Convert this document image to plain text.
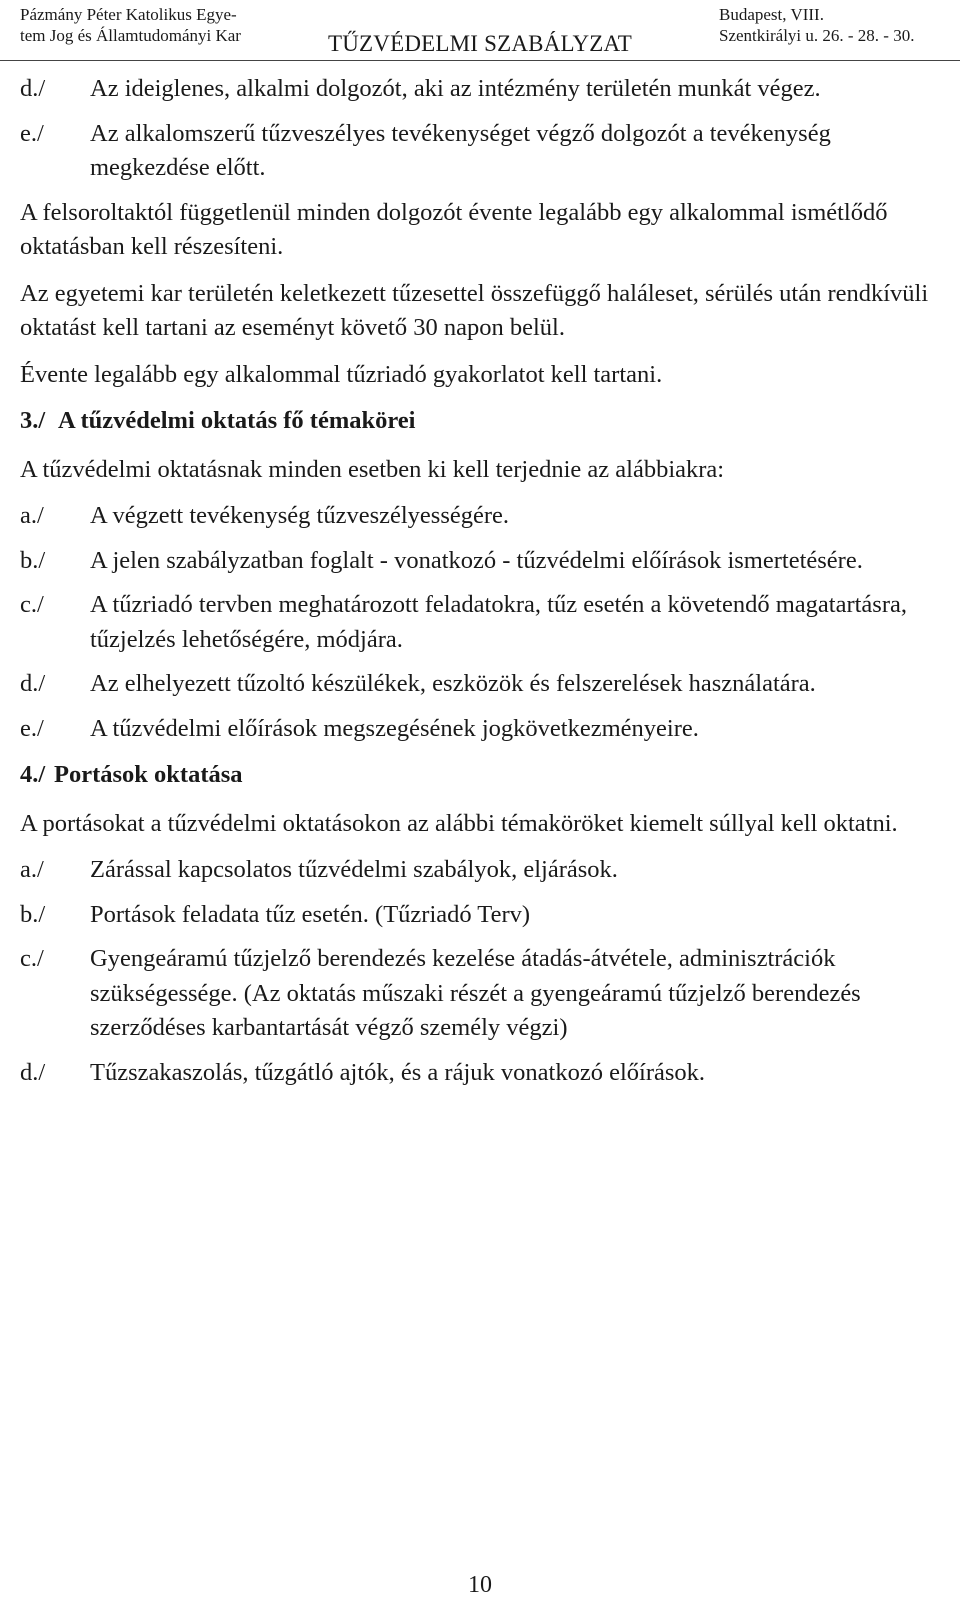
Pázmány Péter Katolikus Egye-
tem Jog és Államtudományi Kar	TŰZVÉDELMI SZABÁLYZAT
Budapest, VIII.
Szentkirályi u. 26. - 28. - 30.
d./	Az ideiglenes, alkalmi dolgozót, aki az intézmény területén munkát végez.
e./	Az alkalomszerű tűzveszélyes tevékenységet végző dolgozót a tevékenység megkezdése előtt.

A felsoroltaktól függetlenül minden dolgozót évente legalább egy alkalommal ismétlődő oktatásban kell részesíteni.

Az egyetemi kar területén keletkezett tűzesettel összefüggő haláleset, sérülés után rendkívüli oktatást kell tartani az eseményt követő 30 napon belül.

Évente legalább egy alkalommal tűzriadó gyakorlatot kell tartani.

3./ A tűzvédelmi oktatás fő témakörei

A tűzvédelmi oktatásnak minden esetben ki kell terjednie az alábbiakra:

a./	A végzett tevékenység tűzveszélyességére.
b./	A jelen szabályzatban foglalt - vonatkozó - tűzvédelmi előírások ismertetésére.
c./	A tűzriadó tervben meghatározott feladatokra, tűz esetén a követendő magatartásra, tűzjelzés lehetőségére, módjára.
d./	Az elhelyezett tűzoltó készülékek, eszközök és felszerelések használatára.
e./	A tűzvédelmi előírások megszegésének jogkövetkezményeire.
4./ Portások oktatása

A portásokat a tűzvédelmi oktatásokon az alábbi témaköröket kiemelt súllyal kell oktatni.

a./	Zárással kapcsolatos tűzvédelmi szabályok, eljárások.
b./	Portások feladata tűz esetén. (Tűzriadó Terv)
c./	Gyengeáramú tűzjelző berendezés kezelése átadás-átvétele, adminisztrációk szükségessége. (Az oktatás műszaki részét a gyengeáramú tűzjelző berendezés szerződéses karbantartását végző személy végzi)
d./	Tűzszakaszolás, tűzgátló ajtók, és a rájuk vonatkozó előírások.
10
